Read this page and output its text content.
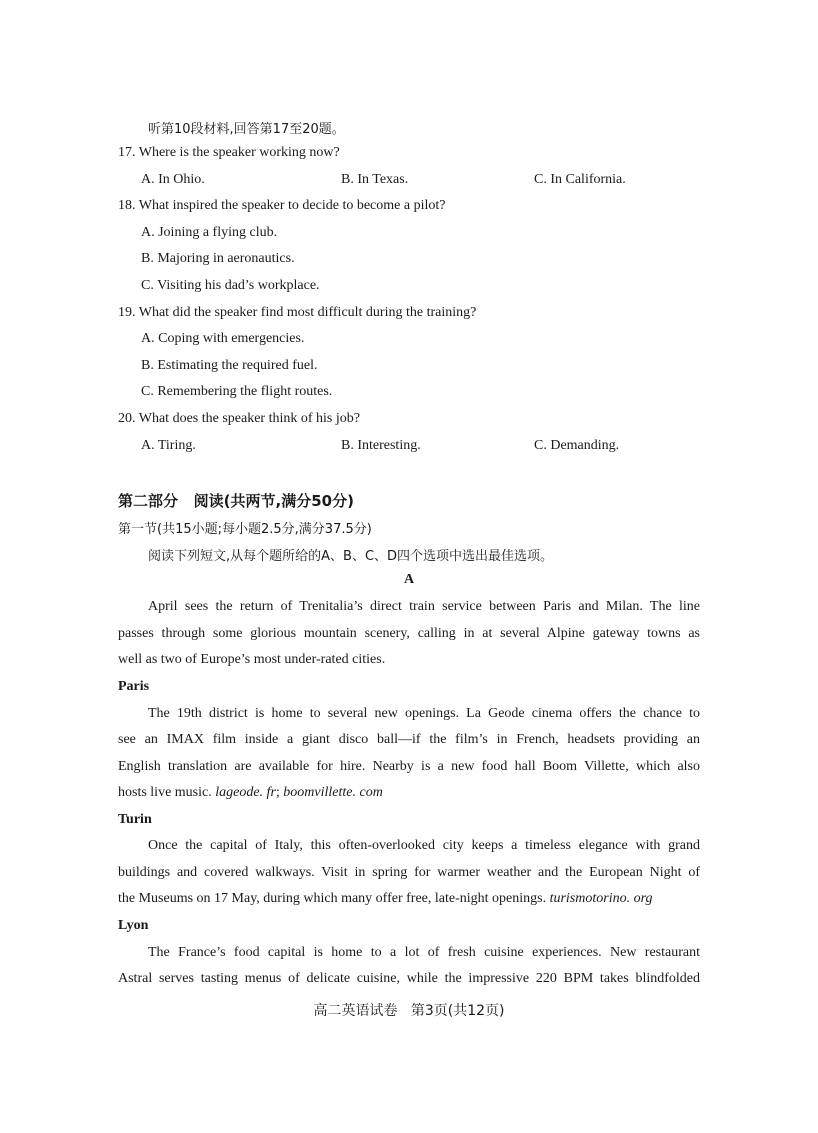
听第10段材料,回答第17至20题。
17. Where is the speaker working now?
A. In Ohio.	B. In Texas.	C. In California.
18. What inspired the speaker to decide to become a pilot?
A. Joining a flying club.
B. Majoring in aeronautics.
C. Visiting his dad’s workplace.
19. What did the speaker find most difficult during the training?
A. Coping with emergencies.
B. Estimating the required fuel.
C. Remembering the flight routes.
20. What does the speaker think of his job?
A. Tiring.	B. Interesting.	C. Demanding.
第二部分   阅读(共两节,满分50分)
第一节(共15小题;每小题2.5分,满分37.5分)
阅读下列短文,从每个题所给的A、B、C、D四个选项中选出最佳选项。
A
April sees the return of Trenitalia’s direct train service between Paris and Milan. The line
passes through some glorious mountain scenery, calling in at several Alpine gateway towns as
well as two of Europe’s most under-rated cities.
Paris
The 19th district is home to several new openings. La Geode cinema offers the chance to
see an IMAX film inside a giant disco ball—if the film’s in French, headsets providing an
English translation are available for hire. Nearby is a new food hall Boom Villette, which also
hosts live music. lageode. fr; boomvillette. com
Turin
Once the capital of Italy, this often-overlooked city keeps a timeless elegance with grand
buildings and covered walkways. Visit in spring for warmer weather and the European Night of
the Museums on 17 May, during which many offer free, late-night openings. turismotorino. org
Lyon
The France’s food capital is home to a lot of fresh cuisine experiences. New restaurant
Astral serves tasting menus of delicate cuisine, while the impressive 220 BPM takes blindfolded
高二英语试卷   第3页(共12页)
